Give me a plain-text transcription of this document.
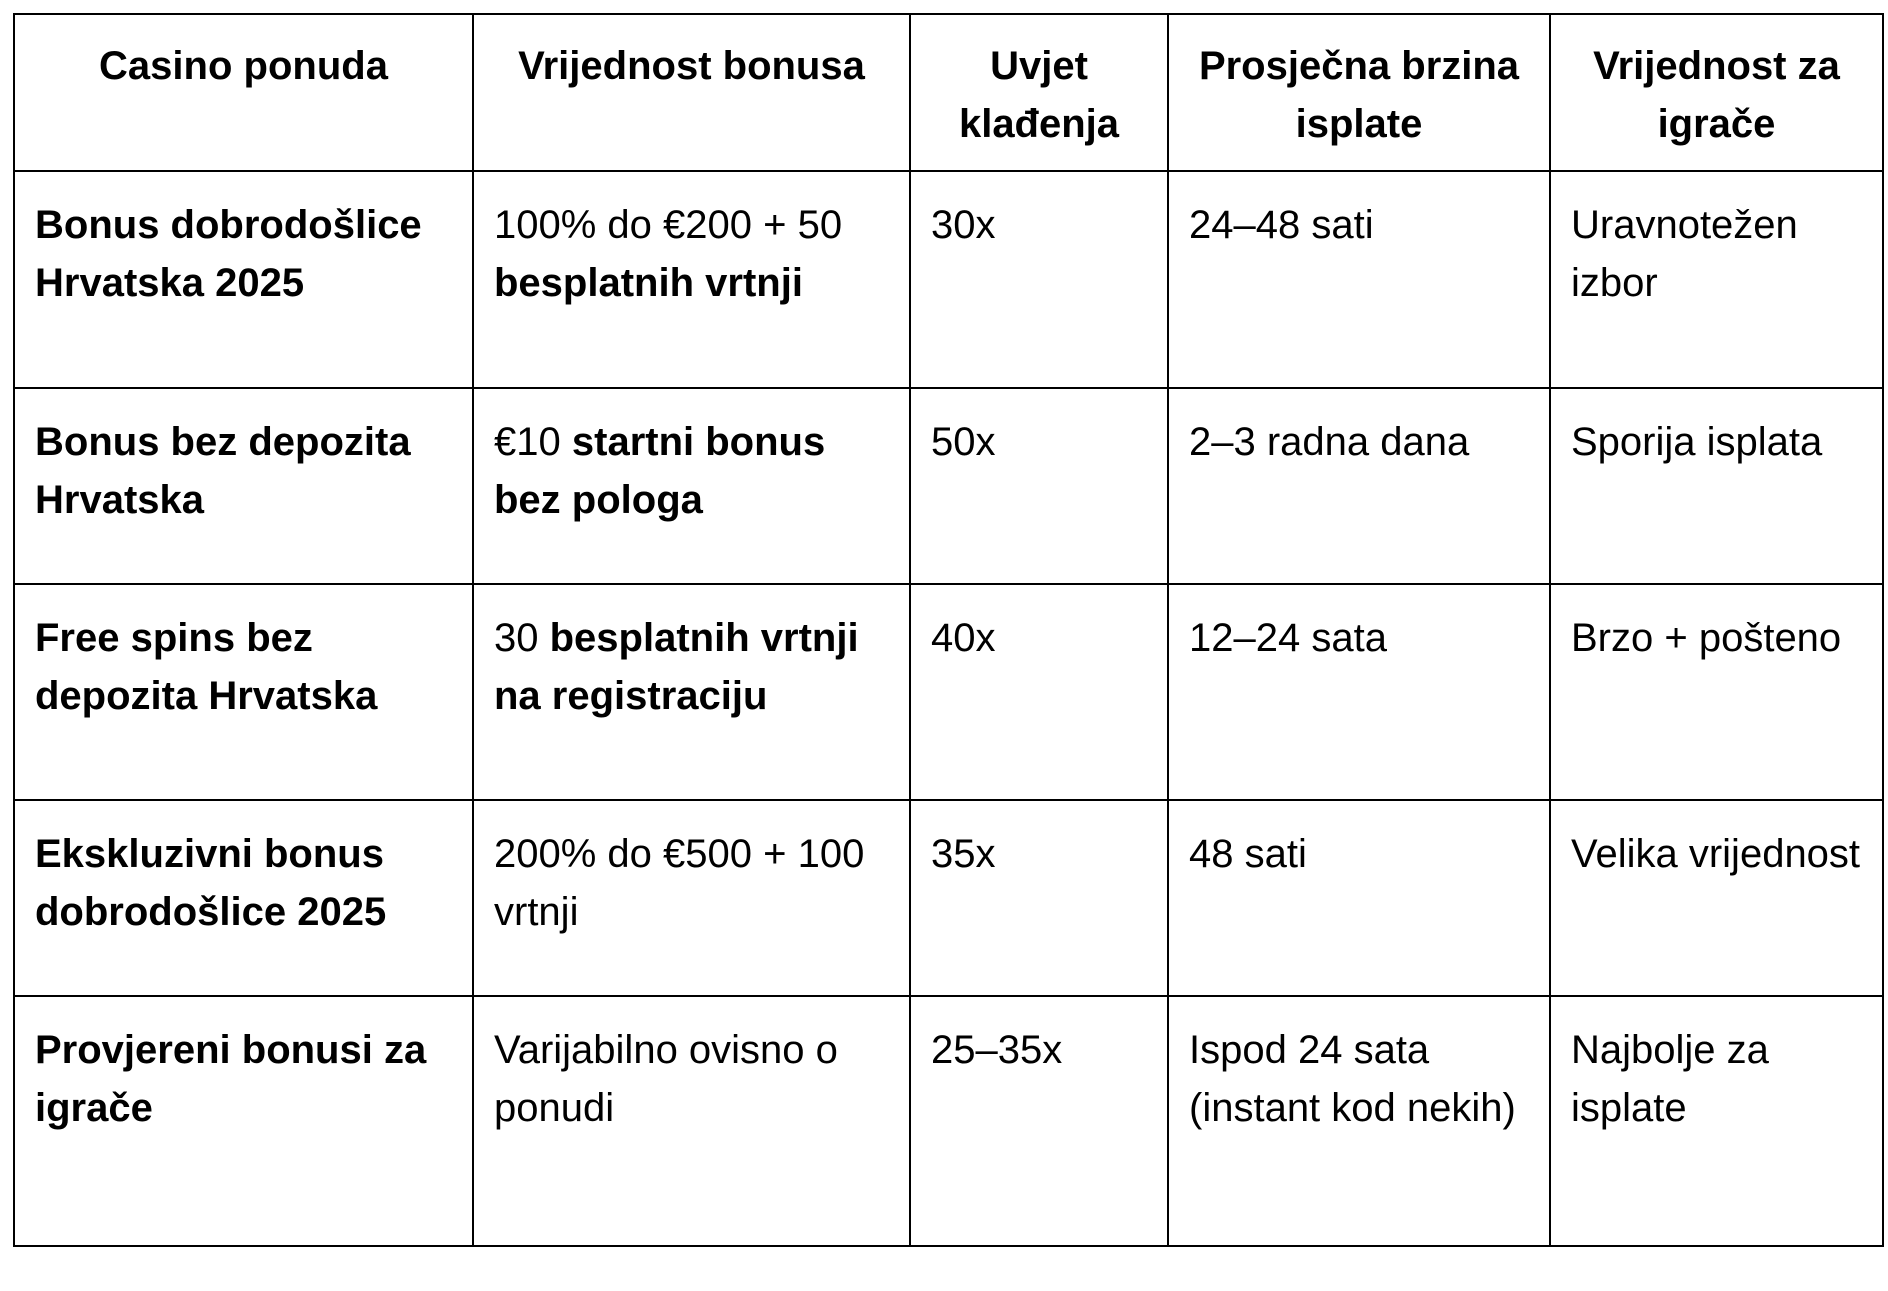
Casino ponuda	Vrijednost bonusa	Uvjet klađenja	Prosječna brzina isplate	Vrijednost za igrače
Bonus dobrodošlice Hrvatska 2025	100% do €200 + 50 besplatnih vrtnji	30x	24–48 sati	Uravnotežen izbor
Bonus bez depozita Hrvatska	€10 startni bonus bez pologa	50x	2–3 radna dana	Sporija isplata
Free spins bez depozita Hrvatska	30 besplatnih vrtnji na registraciju	40x	12–24 sata	Brzo + pošteno
Ekskluzivni bonus dobrodošlice 2025	200% do €500 + 100 vrtnji	35x	48 sati	Velika vrijednost
Provjereni bonusi za igrače	Varijabilno ovisno o ponudi	25–35x	Ispod 24 sata (instant kod nekih)	Najbolje za isplate
